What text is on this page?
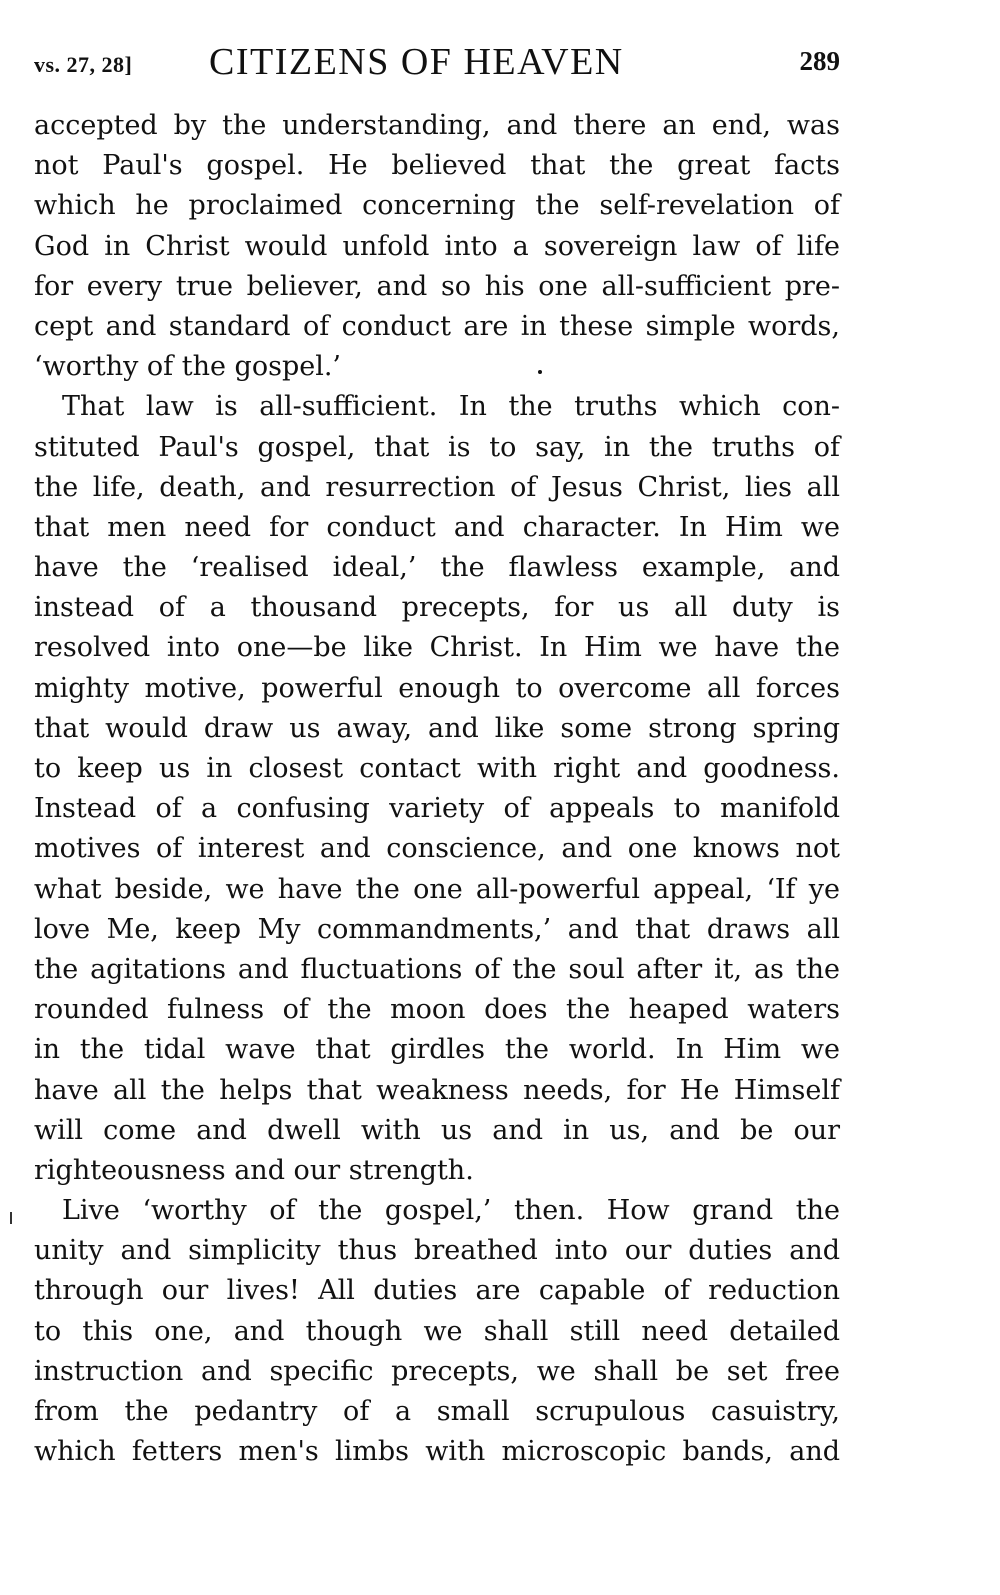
vs. 27, 28] CITIZENS OF HEAVEN	289
accepted by the understanding, and there an end, was
not Paul's gospel. He believed that the great facts
which he proclaimed concerning the self-revelation of
God in Christ would unfold into a sovereign law of life
for every true believer, and so his one all-sufficient pre-
cept and standard of conduct are in these simple words,
‘worthy of the gospel.’
That law is all-sufficient. In the truths which con-
stituted Paul's gospel, that is to say, in the truths of
the life, death, and resurrection of Jesus Christ, lies all
that men need for conduct and character. In Him we
have the ‘realised ideal,’ the flawless example, and
instead of a thousand precepts, for us all duty is
resolved into one—be like Christ. In Him we have the
mighty motive, powerful enough to overcome all forces
that would draw us away, and like some strong spring
to keep us in closest contact with right and goodness.
Instead of a confusing variety of appeals to manifold
motives of interest and conscience, and one knows not
what beside, we have the one all-powerful appeal, ‘If ye
love Me, keep My commandments,’ and that draws all
the agitations and fluctuations of the soul after it, as the
rounded fulness of the moon does the heaped waters
in the tidal wave that girdles the world. In Him we
have all the helps that weakness needs, for He Himself
will come and dwell with us and in us, and be our
righteousness and our strength.
Live ‘worthy of the gospel,’ then. How grand the
unity and simplicity thus breathed into our duties and
through our lives! All duties are capable of reduction
to this one, and though we shall still need detailed
instruction and specific precepts, we shall be set free
from the pedantry of a small scrupulous casuistry,
which fetters men's limbs with microscopic bands, and
